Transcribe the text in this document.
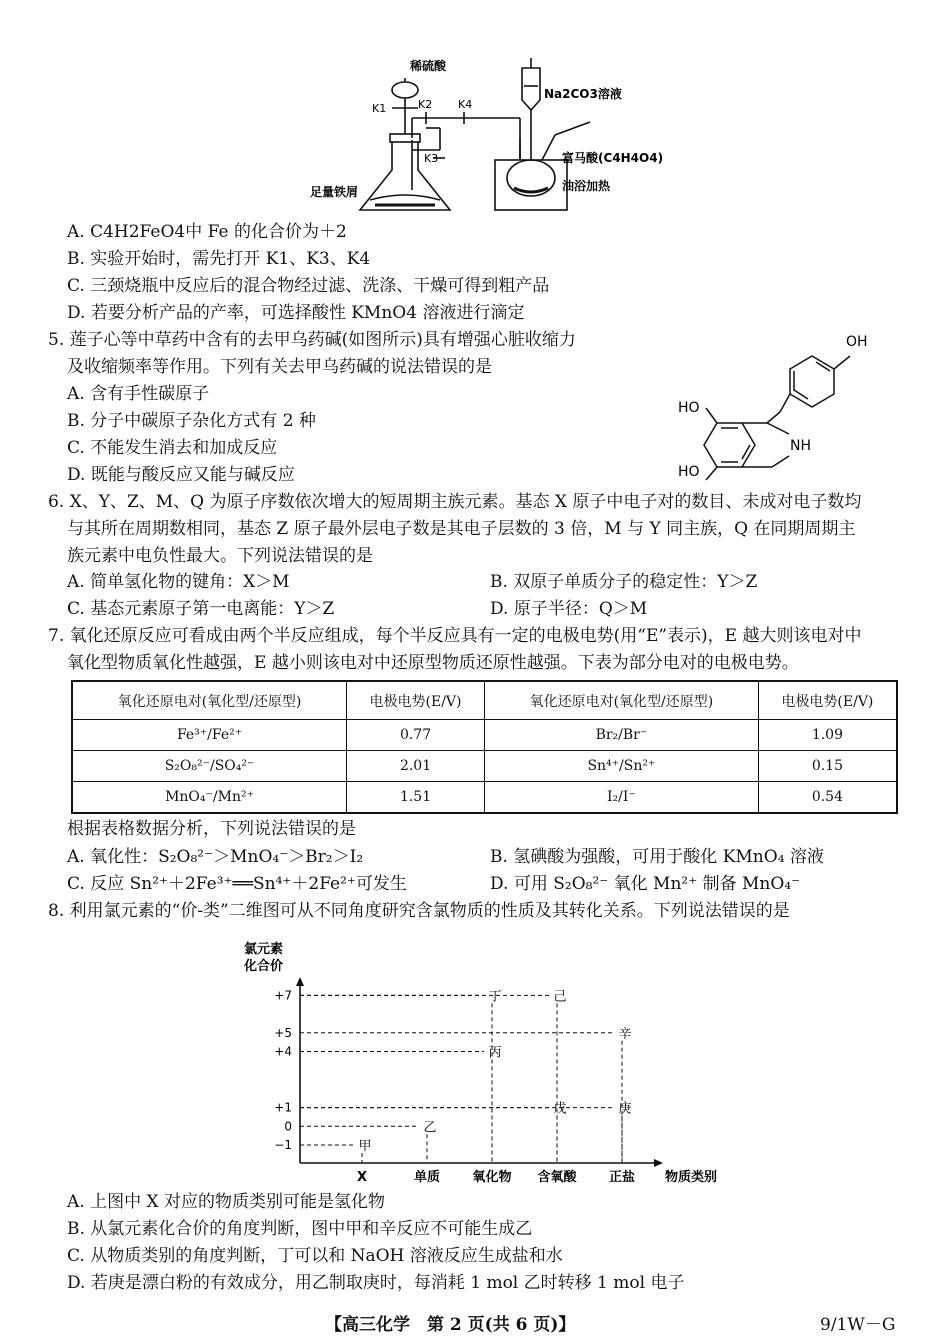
稀硫酸
K1	K2
K3
K4
Na2CO3溶液
富马酸(C4H4O4)
足量铁屑	油浴加热
A. C4H2FeO4中 Fe 的化合价为＋2
B. 实验开始时，需先打开 K1、K3、K4
C. 三颈烧瓶中反应后的混合物经过滤、洗涤、干燥可得到粗产品
D. 若要分析产品的产率，可选择酸性 KMnO4 溶液进行滴定
5. 莲子心等中草药中含有的去甲乌药碱(如图所示)具有增强心脏收缩力
及收缩频率等作用。下列有关去甲乌药碱的说法错误的是
A. 含有手性碳原子
B. 分子中碳原子杂化方式有 2 种
C. 不能发生消去和加成反应
D. 既能与酸反应又能与碱反应
OH
HO
HO
NH
6. X、Y、Z、M、Q 为原子序数依次增大的短周期主族元素。基态 X 原子中电子对的数目、未成对电子数均
与其所在周期数相同，基态 Z 原子最外层电子数是其电子层数的 3 倍，M 与 Y 同主族，Q 在同期周期主
族元素中电负性最大。下列说法错误的是
A. 简单氢化物的键角：X＞M	B. 双原子单质分子的稳定性：Y＞Z
C. 基态元素原子第一电离能：Y＞Z	D. 原子半径：Q＞M
7. 氧化还原反应可看成由两个半反应组成，每个半反应具有一定的电极电势(用“E”表示)，E 越大则该电对中
氧化型物质氧化性越强，E 越小则该电对中还原型物质还原性越强。下表为部分电对的电极电势。
氧化还原电对(氧化型/还原型)	电极电势(E/V)	氧化还原电对(氧化型/还原型)	电极电势(E/V)
Fe³⁺/Fe²⁺	0.77	Br₂/Br⁻	1.09
S₂O₈²⁻/SO₄²⁻	2.01	Sn⁴⁺/Sn²⁺	0.15
MnO₄⁻/Mn²⁺	1.51	I₂/I⁻	0.54
根据表格数据分析，下列说法错误的是
A. 氧化性：S₂O₈²⁻＞MnO₄⁻＞Br₂＞I₂	B. 氢碘酸为强酸，可用于酸化 KMnO₄ 溶液
C. 反应 Sn²⁺＋2Fe³⁺══Sn⁴⁺＋2Fe²⁺可发生	D. 可用 S₂O₈²⁻ 氧化 Mn²⁺ 制备 MnO₄⁻
8. 利用氯元素的“价-类”二维图可从不同角度研究含氯物质的性质及其转化关系。下列说法错误的是
氯元素
化合价
物质类别
+7
+5
+4
+1
0
−1
X	单质 氧化物 含氧酸 正盐
甲
乙
丙
丁
戊
己
庚
辛
A. 上图中 X 对应的物质类别可能是氢化物
B. 从氯元素化合价的角度判断，图中甲和辛反应不可能生成乙
C. 从物质类别的角度判断，丁可以和 NaOH 溶液反应生成盐和水
D. 若庚是漂白粉的有效成分，用乙制取庚时，每消耗 1 mol 乙时转移 1 mol 电子
【高三化学　第 2 页(共 6 页)】	9/1W－G
